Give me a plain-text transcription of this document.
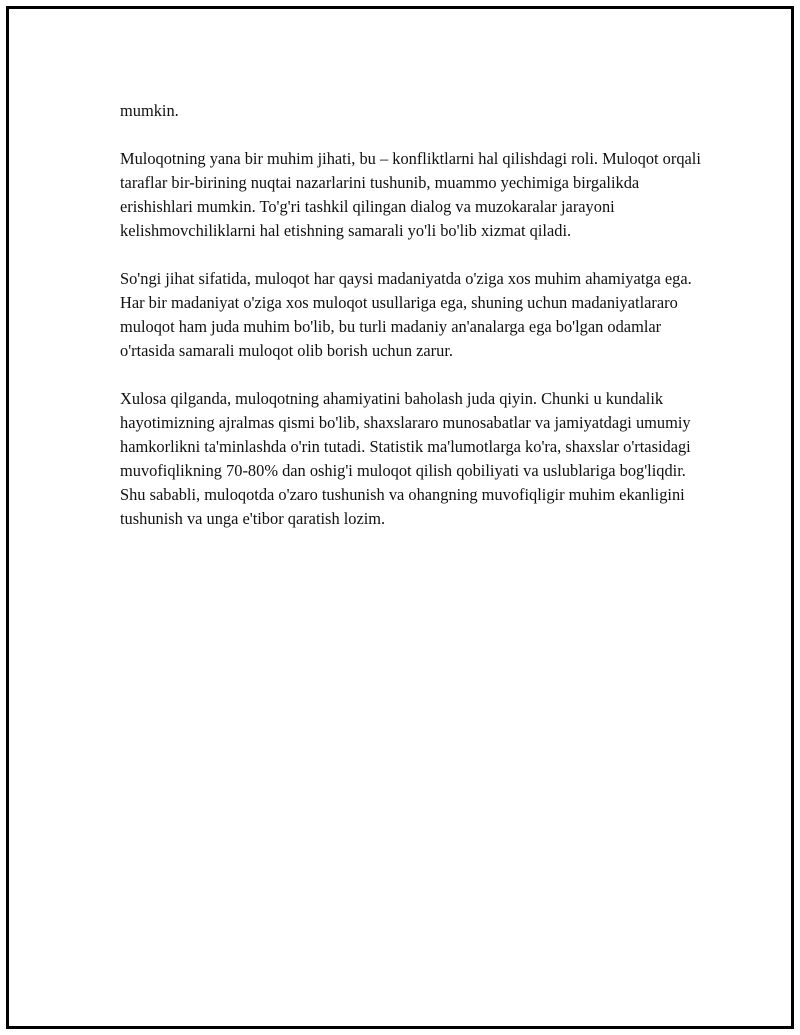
mumkin.

Muloqotning yana bir muhim jihati, bu – konfliktlarni hal qilishdagi roli. Muloqot orqali taraflar bir-birining nuqtai nazarlarini tushunib, muammo yechimiga birgalikda erishishlari mumkin. To'g'ri tashkil qilingan dialog va muzokaralar jarayoni kelishmovchiliklarni hal etishning samarali yo'li bo'lib xizmat qiladi.

So'ngi jihat sifatida, muloqot har qaysi madaniyatda o'ziga xos muhim ahamiyatga ega. Har bir madaniyat o'ziga xos muloqot usullariga ega, shuning uchun madaniyatlararo muloqot ham juda muhim bo'lib, bu turli madaniy an'analarga ega bo'lgan odamlar o'rtasida samarali muloqot olib borish uchun zarur.

Xulosa qilganda, muloqotning ahamiyatini baholash juda qiyin. Chunki u kundalik hayotimizning ajralmas qismi bo'lib, shaxslararo munosabatlar va jamiyatdagi umumiy hamkorlikni ta'minlashda o'rin tutadi. Statistik ma'lumotlarga ko'ra, shaxslar o'rtasidagi muvofiqlikning 70-80% dan oshig'i muloqot qilish qobiliyati va uslublariga bog'liqdir. Shu sababli, muloqotda o'zaro tushunish va ohangning muvofiqligir muhim ekanligini tushunish va unga e'tibor qaratish lozim.
